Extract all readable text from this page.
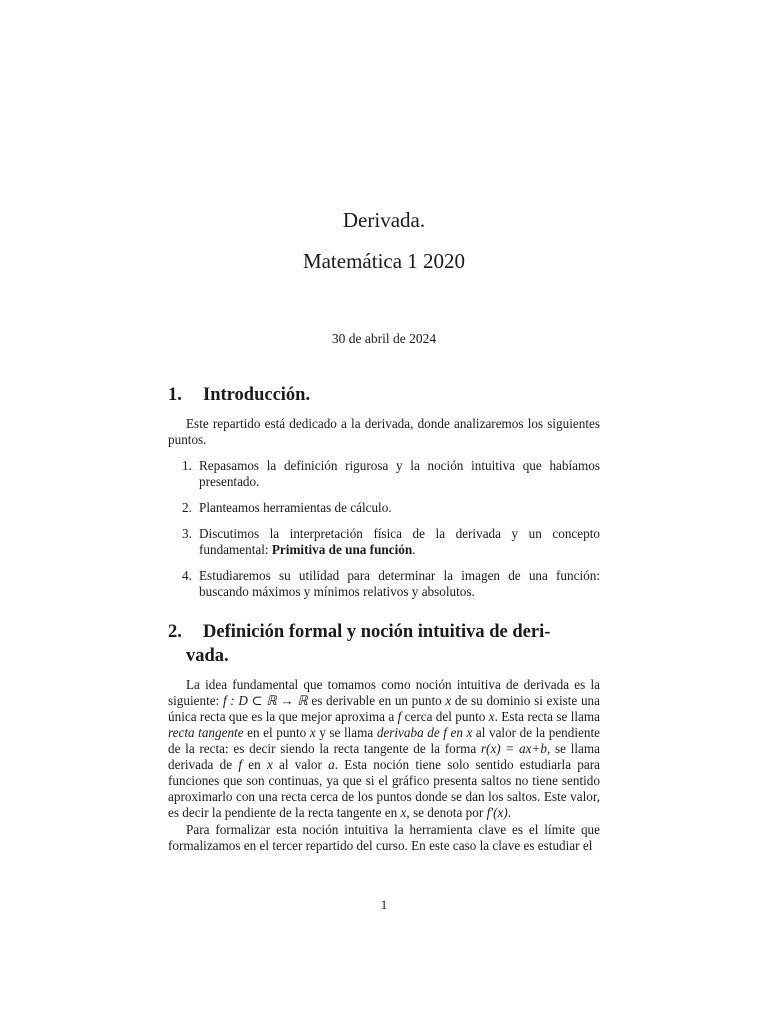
Derivada.
Matemática 1 2020
30 de abril de 2024
1. Introducción.

Este repartido está dedicado a la derivada, donde analizaremos los siguientes puntos.

1. Repasamos la definición rigurosa y la noción intuitiva que habíamos presentado.
2. Planteamos herramientas de cálculo.
3. Discutimos la interpretación física de la derivada y un concepto fundamental: Primitiva de una función.
4. Estudiaremos su utilidad para determinar la imagen de una función: buscando máximos y mínimos relativos y absolutos.
2. Definición formal y noción intuitiva de deri-
vada.

La idea fundamental que tomamos como noción intuitiva de derivada es la siguiente: f : D ⊂ ℝ → ℝ es derivable en un punto x de su dominio si existe una única recta que es la que mejor aproxima a f cerca del punto x. Esta recta se llama recta tangente en el punto x y se llama derivaba de f en x al valor de la pendiente de la recta: es decir siendo la recta tangente de la forma r(x) = ax+b, se llama derivada de f en x al valor a. Esta noción tiene solo sentido estudiarla para funciones que son continuas, ya que si el gráfico presenta saltos no tiene sentido aproximarlo con una recta cerca de los puntos donde se dan los saltos. Este valor, es decir la pendiente de la recta tangente en x, se denota por f′(x).

Para formalizar esta noción intuitiva la herramienta clave es el límite que formalizamos en el tercer repartido del curso. En este caso la clave es estudiar el

1
